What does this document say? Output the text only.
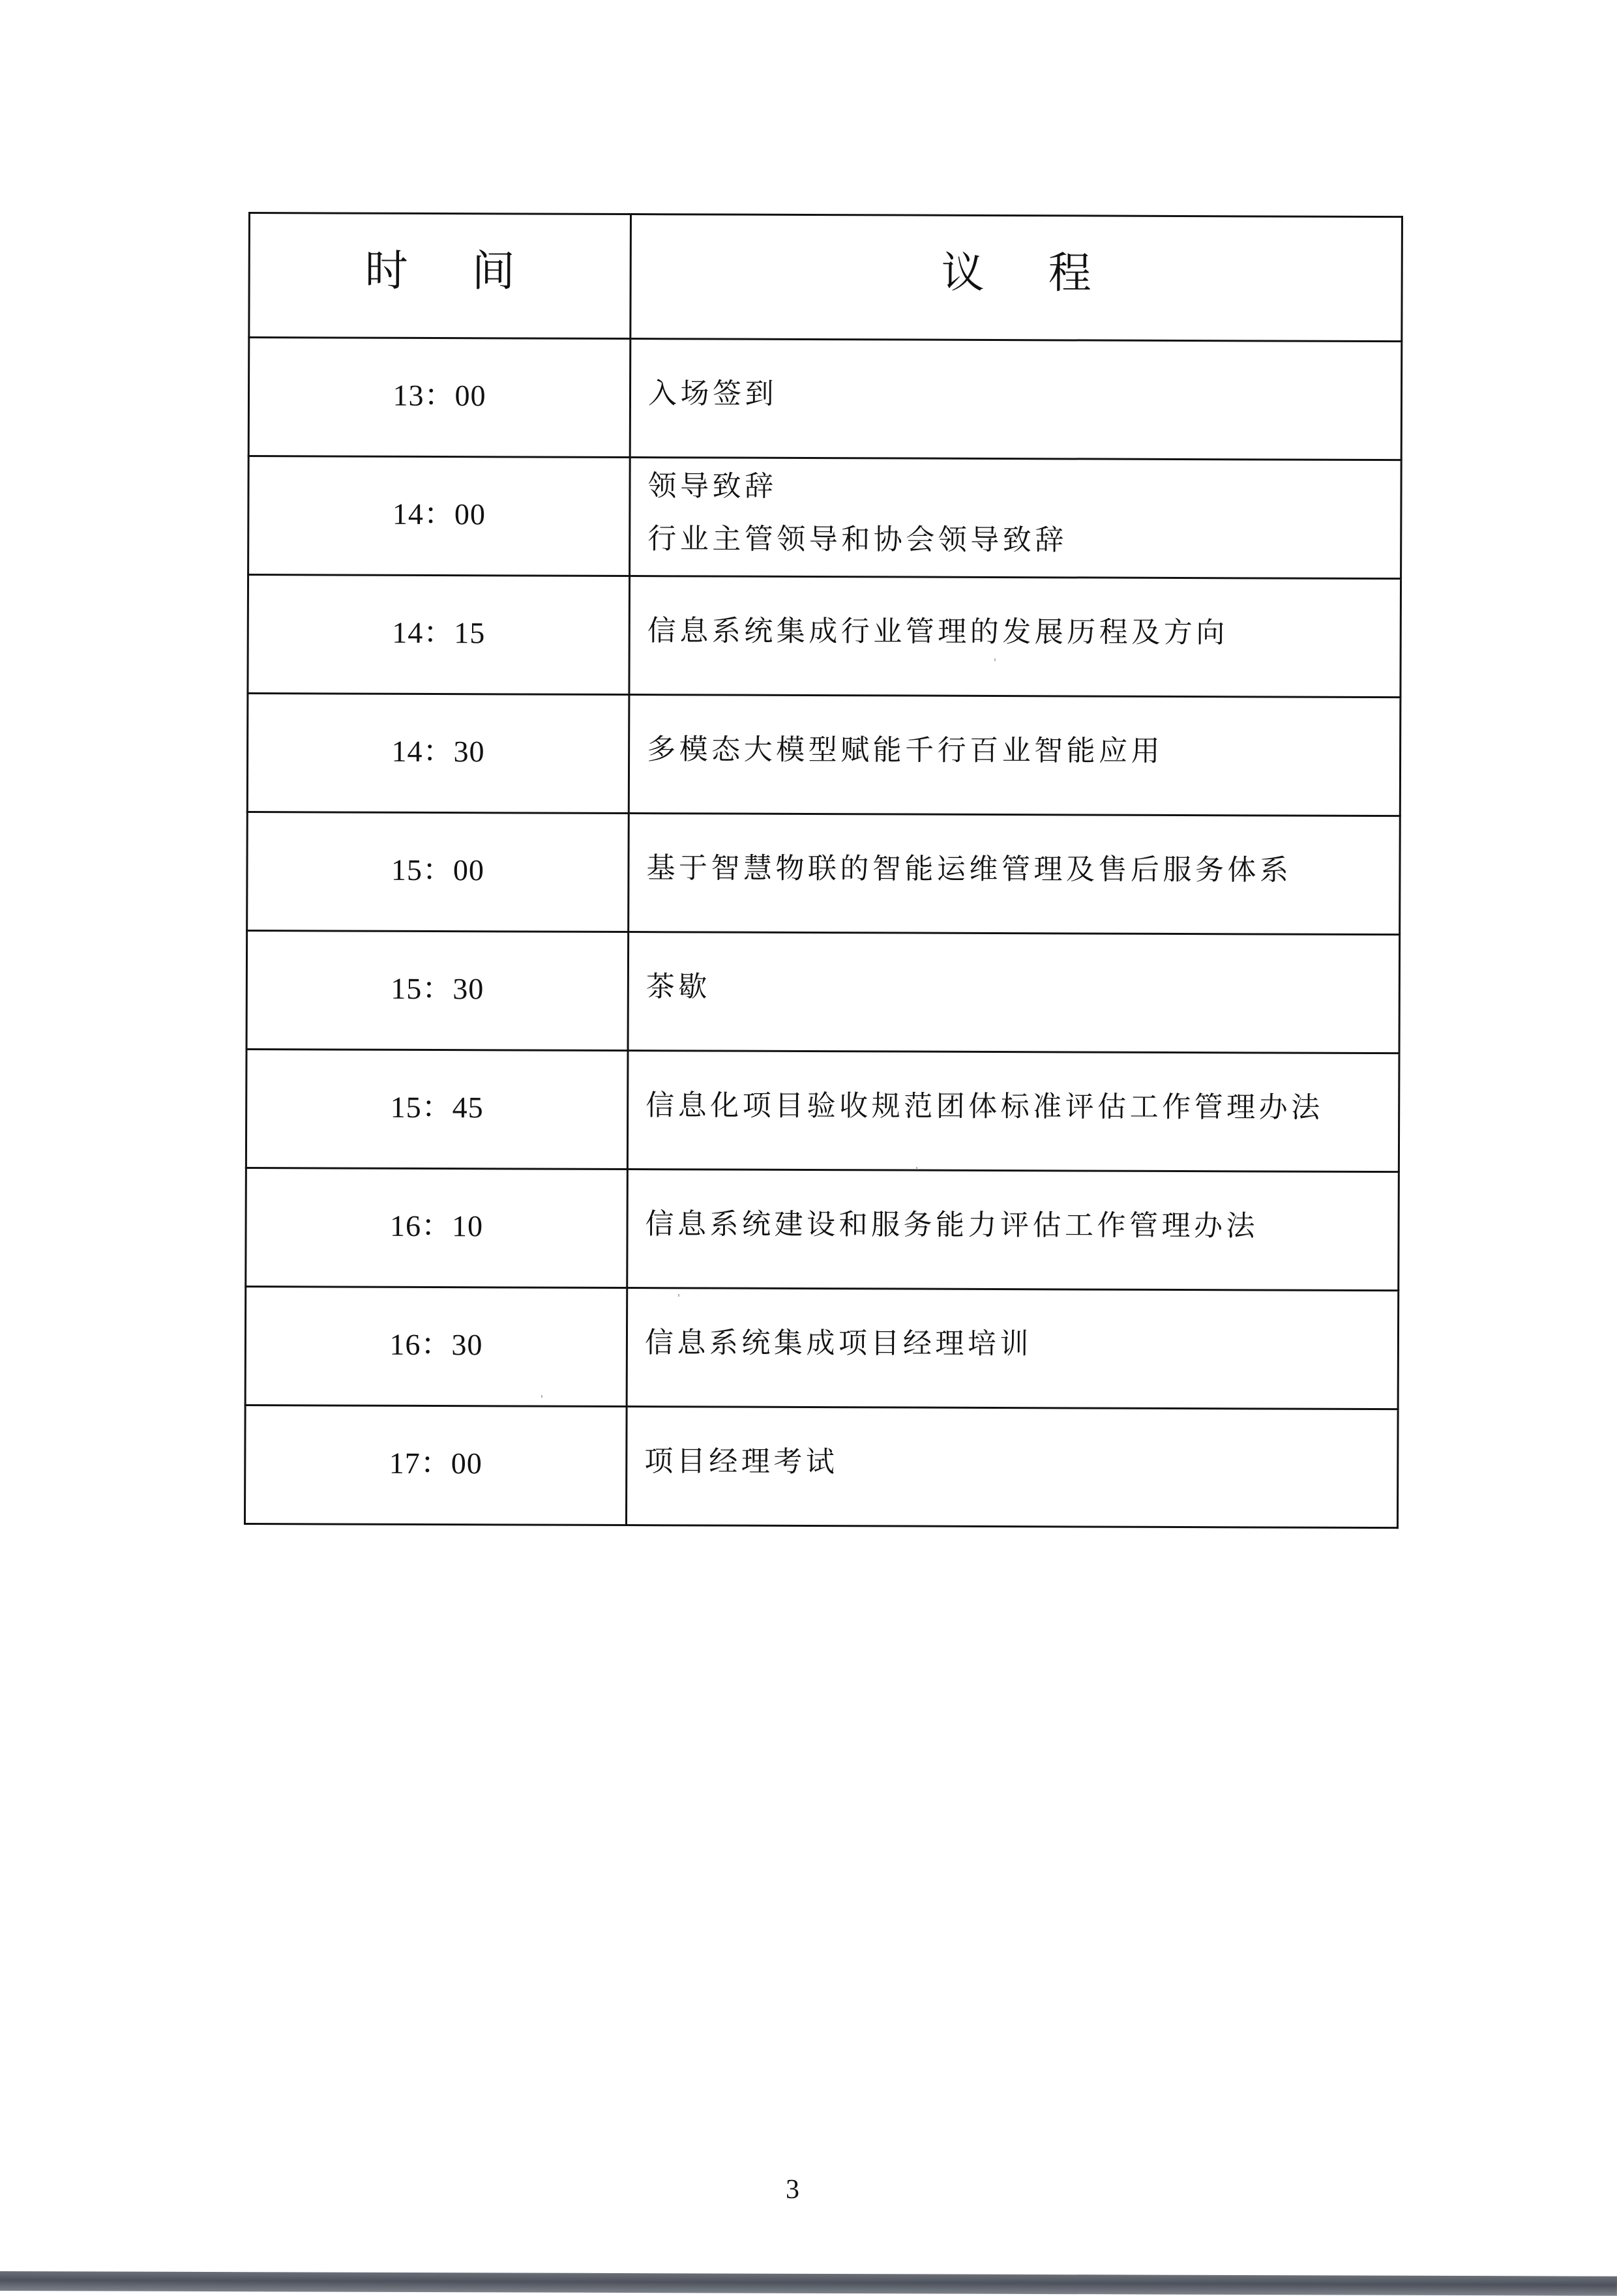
时间	议程
13：00	入场签到

14：00	领导致辞
行业主管领导和协会领导致辞

14：15	信息系统集成行业管理的发展历程及方向

14：30	多模态大模型赋能千行百业智能应用

15：00	基于智慧物联的智能运维管理及售后服务体系

15：30	茶歇

15：45	信息化项目验收规范团体标准评估工作管理办法

16：10	信息系统建设和服务能力评估工作管理办法

16：30	信息系统集成项目经理培训

17：00	项目经理考试
3
